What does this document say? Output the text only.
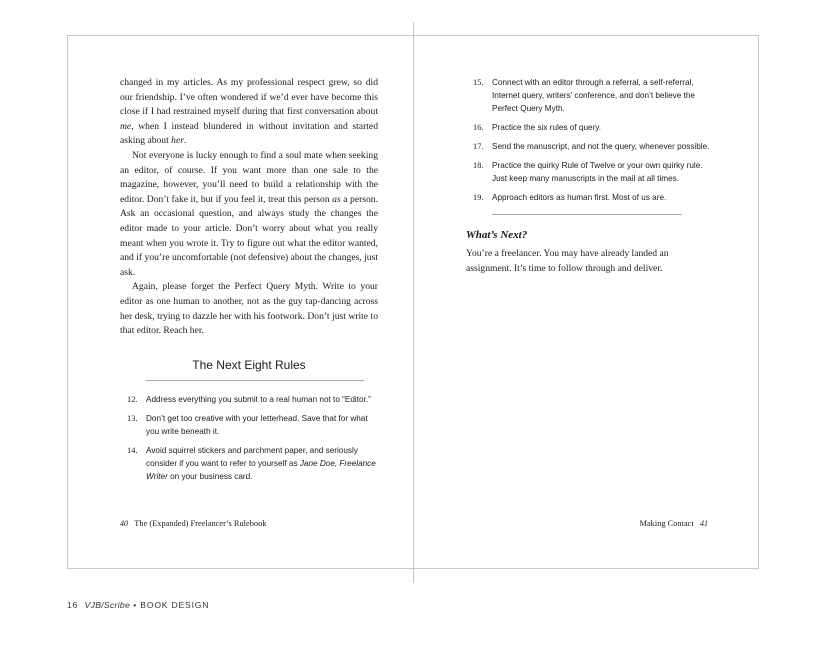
changed in my articles. As my professional respect grew, so did our friendship. I’ve often wondered if we’d ever have become this close if I had restrained myself during that first conversation about me, when I instead blundered in without invitation and started asking about her.

Not everyone is lucky enough to find a soul mate when seeking an editor, of course. If you want more than one sale to the magazine, however, you’ll need to build a relationship with the editor. Don’t fake it, but if you feel it, treat this person as a person. Ask an occasional question, and always study the changes the editor made to your article. Don’t worry about what you really meant when you wrote it. Try to figure out what the editor wanted, and if you’re uncomfortable (not defensive) about the changes, just ask.

Again, please forget the Perfect Query Myth. Write to your editor as one human to another, not as the guy tap-dancing across her desk, trying to dazzle her with his footwork. Don’t just write to that editor. Reach her.

The Next Eight Rules

12. Address everything you submit to a real human not to “Editor.”
13. Don’t get too creative with your letterhead. Save that for what you write beneath it.
14. Avoid squirrel stickers and parchment paper, and seriously consider if you want to refer to yourself as Jane Doe, Freelance Writer on your business card.
15. Connect with an editor through a referral, a self-referral, Internet query, writers’ conference, and don’t believe the Perfect Query Myth.
16. Practice the six rules of query.
17. Send the manuscript, and not the query, whenever possible.
18. Practice the quirky Rule of Twelve or your own quirky rule. Just keep many manuscripts in the mail at all times.
19. Approach editors as human first. Most of us are.

What’s Next?

You’re a freelancer. You may have already landed an assignment. It’s time to follow through and deliver.

40 The (Expanded) Freelancer’s Rulebook	Making Contact 41
16 VJB/Scribe • BOOK DESIGN
